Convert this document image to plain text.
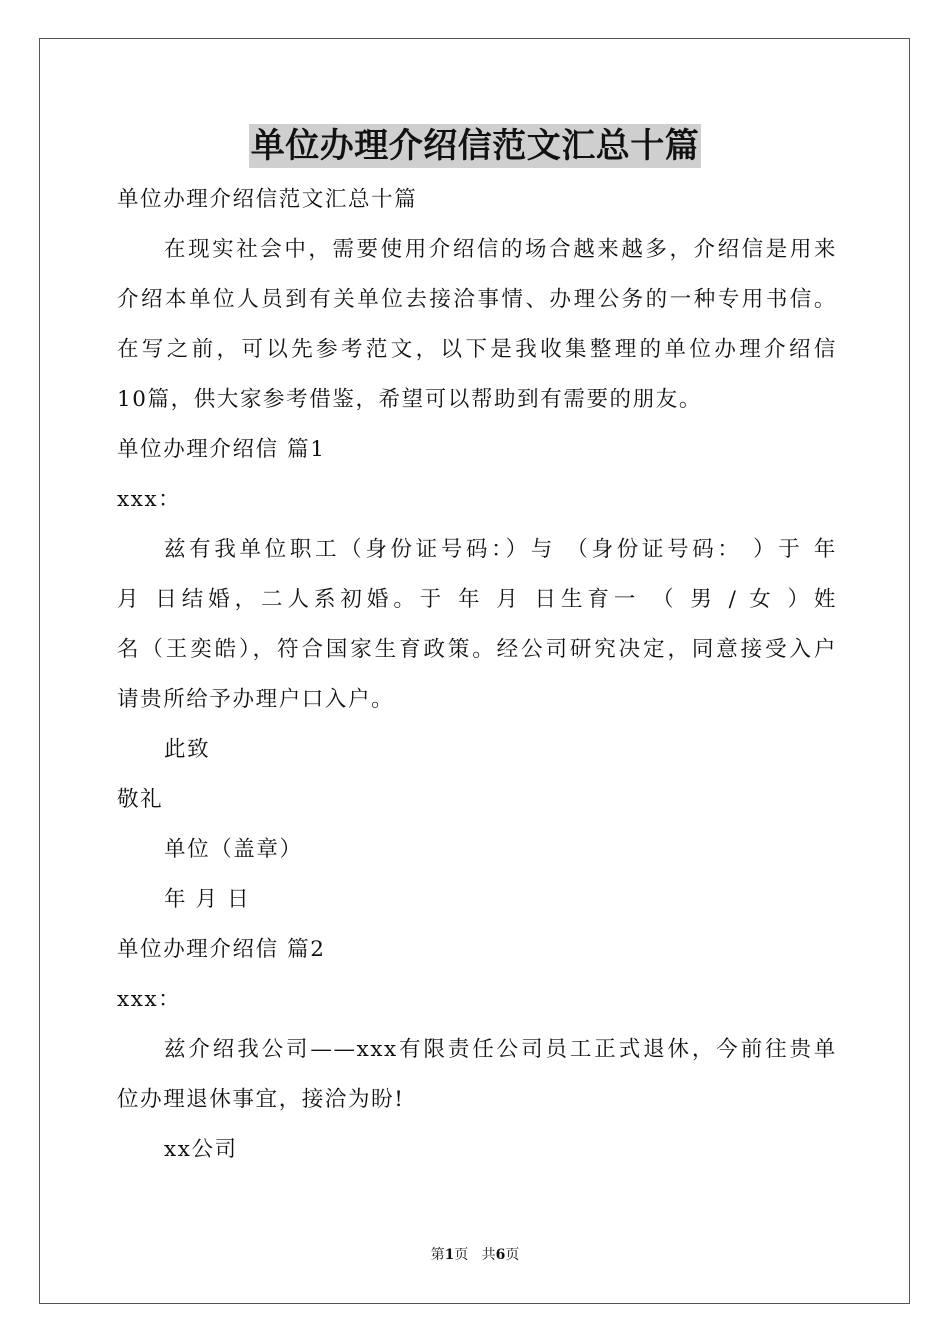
单位办理介绍信范文汇总十篇
单位办理介绍信范文汇总十篇
在现实社会中，需要使用介绍信的场合越来越多，介绍信是用来
介绍本单位人员到有关单位去接洽事情、办理公务的一种专用书信。
在写之前，可以先参考范文，以下是我收集整理的单位办理介绍信
10篇，供大家参考借鉴，希望可以帮助到有需要的朋友。
单位办理介绍信 篇1
xxx：
兹有我单位职工（身份证号码：）与 （身份证号码： ）于 年
月 日结婚，二人系初婚。于 年 月 日生育一 （ 男 / 女 ）姓
名（王奕皓），符合国家生育政策。经公司研究决定，同意接受入户
请贵所给予办理户口入户。
此致
敬礼
单位（盖章）
年 月 日
单位办理介绍信 篇2
xxx：
兹介绍我公司——xxx有限责任公司员工正式退休，今前往贵单
位办理退休事宜，接洽为盼!
xx公司
第1页 共6页
